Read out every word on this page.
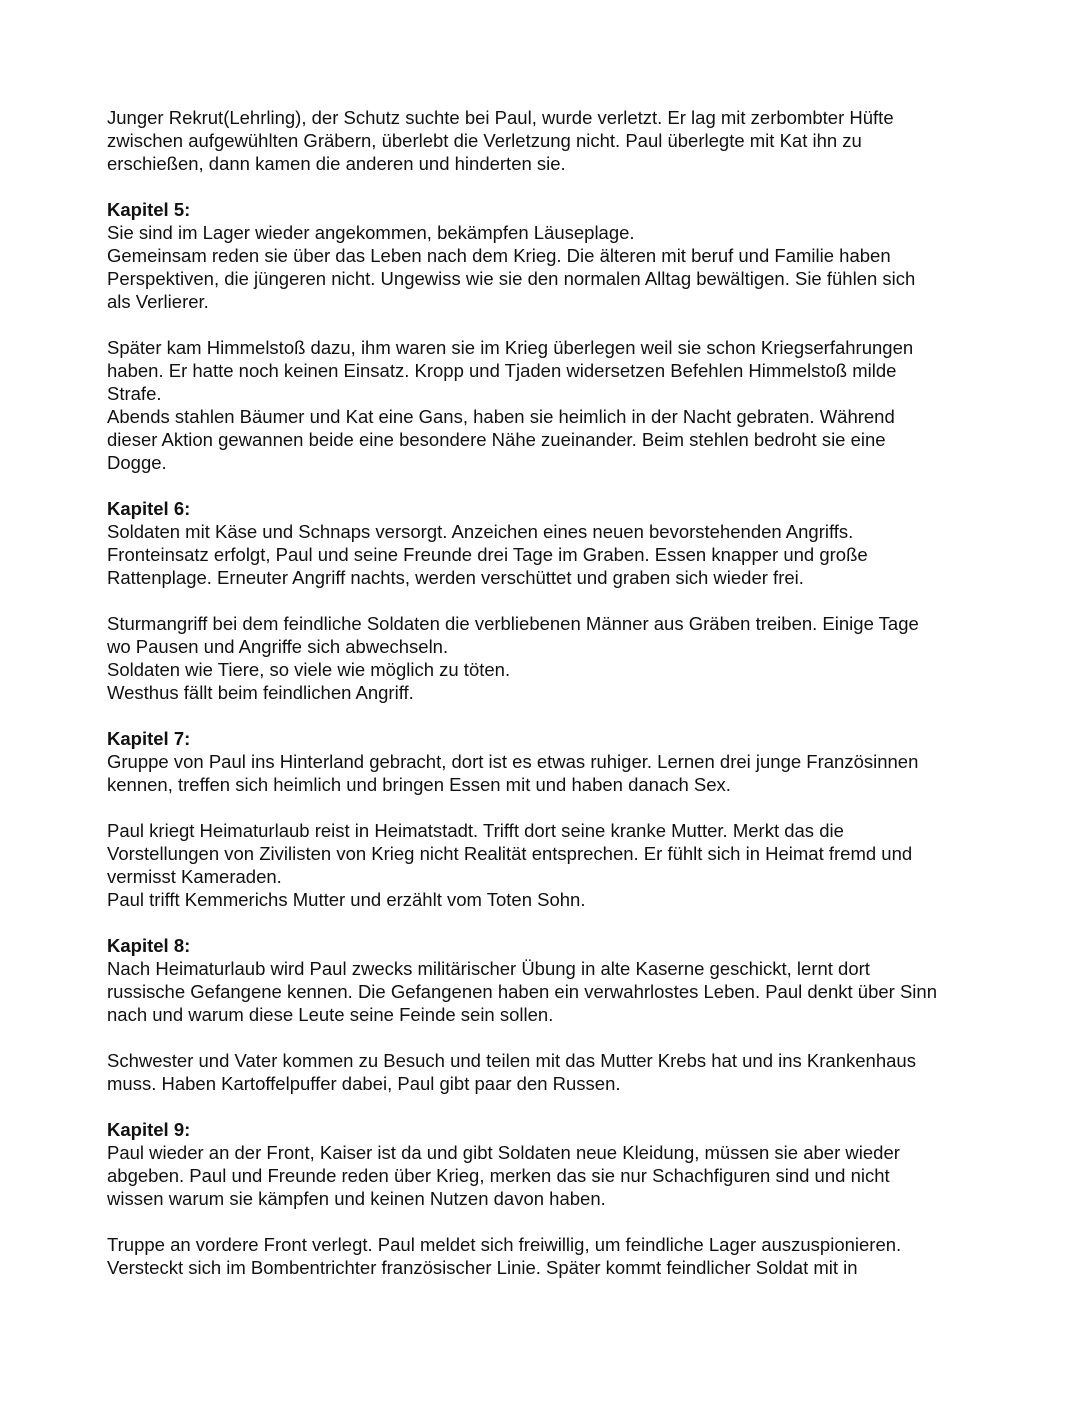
Junger Rekrut(Lehrling), der Schutz suchte bei Paul, wurde verletzt. Er lag mit zerbombter Hüfte
zwischen aufgewühlten Gräbern, überlebt die Verletzung nicht. Paul überlegte mit Kat ihn zu
erschießen, dann kamen die anderen und hinderten sie.

Kapitel 5:

Sie sind im Lager wieder angekommen, bekämpfen Läuseplage.
Gemeinsam reden sie über das Leben nach dem Krieg. Die älteren mit beruf und Familie haben
Perspektiven, die jüngeren nicht. Ungewiss wie sie den normalen Alltag bewältigen. Sie fühlen sich
als Verlierer.

Später kam Himmelstoß dazu, ihm waren sie im Krieg überlegen weil sie schon Kriegserfahrungen
haben. Er hatte noch keinen Einsatz. Kropp und Tjaden widersetzen Befehlen Himmelstoß milde
Strafe.
Abends stahlen Bäumer und Kat eine Gans, haben sie heimlich in der Nacht gebraten. Während
dieser Aktion gewannen beide eine besondere Nähe zueinander. Beim stehlen bedroht sie eine
Dogge.

Kapitel 6:

Soldaten mit Käse und Schnaps versorgt. Anzeichen eines neuen bevorstehenden Angriffs.
Fronteinsatz erfolgt, Paul und seine Freunde drei Tage im Graben. Essen knapper und große
Rattenplage. Erneuter Angriff nachts, werden verschüttet und graben sich wieder frei.

Sturmangriff bei dem feindliche Soldaten die verbliebenen Männer aus Gräben treiben. Einige Tage
wo Pausen und Angriffe sich abwechseln.
Soldaten wie Tiere, so viele wie möglich zu töten.
Westhus fällt beim feindlichen Angriff.

Kapitel 7:

Gruppe von Paul ins Hinterland gebracht, dort ist es etwas ruhiger. Lernen drei junge Französinnen
kennen, treffen sich heimlich und bringen Essen mit und haben danach Sex.

Paul kriegt Heimaturlaub reist in Heimatstadt. Trifft dort seine kranke Mutter. Merkt das die
Vorstellungen von Zivilisten von Krieg nicht Realität entsprechen. Er fühlt sich in Heimat fremd und
vermisst Kameraden.
Paul trifft Kemmerichs Mutter und erzählt vom Toten Sohn.

Kapitel 8:

Nach Heimaturlaub wird Paul zwecks militärischer Übung in alte Kaserne geschickt, lernt dort
russische Gefangene kennen. Die Gefangenen haben ein verwahrlostes Leben. Paul denkt über Sinn
nach und warum diese Leute seine Feinde sein sollen.

Schwester und Vater kommen zu Besuch und teilen mit das Mutter Krebs hat und ins Krankenhaus
muss. Haben Kartoffelpuffer dabei, Paul gibt paar den Russen.

Kapitel 9:

Paul wieder an der Front, Kaiser ist da und gibt Soldaten neue Kleidung, müssen sie aber wieder
abgeben. Paul und Freunde reden über Krieg, merken das sie nur Schachfiguren sind und nicht
wissen warum sie kämpfen und keinen Nutzen davon haben.

Truppe an vordere Front verlegt. Paul meldet sich freiwillig, um feindliche Lager auszuspionieren.
Versteckt sich im Bombentrichter französischer Linie. Später kommt feindlicher Soldat mit in
